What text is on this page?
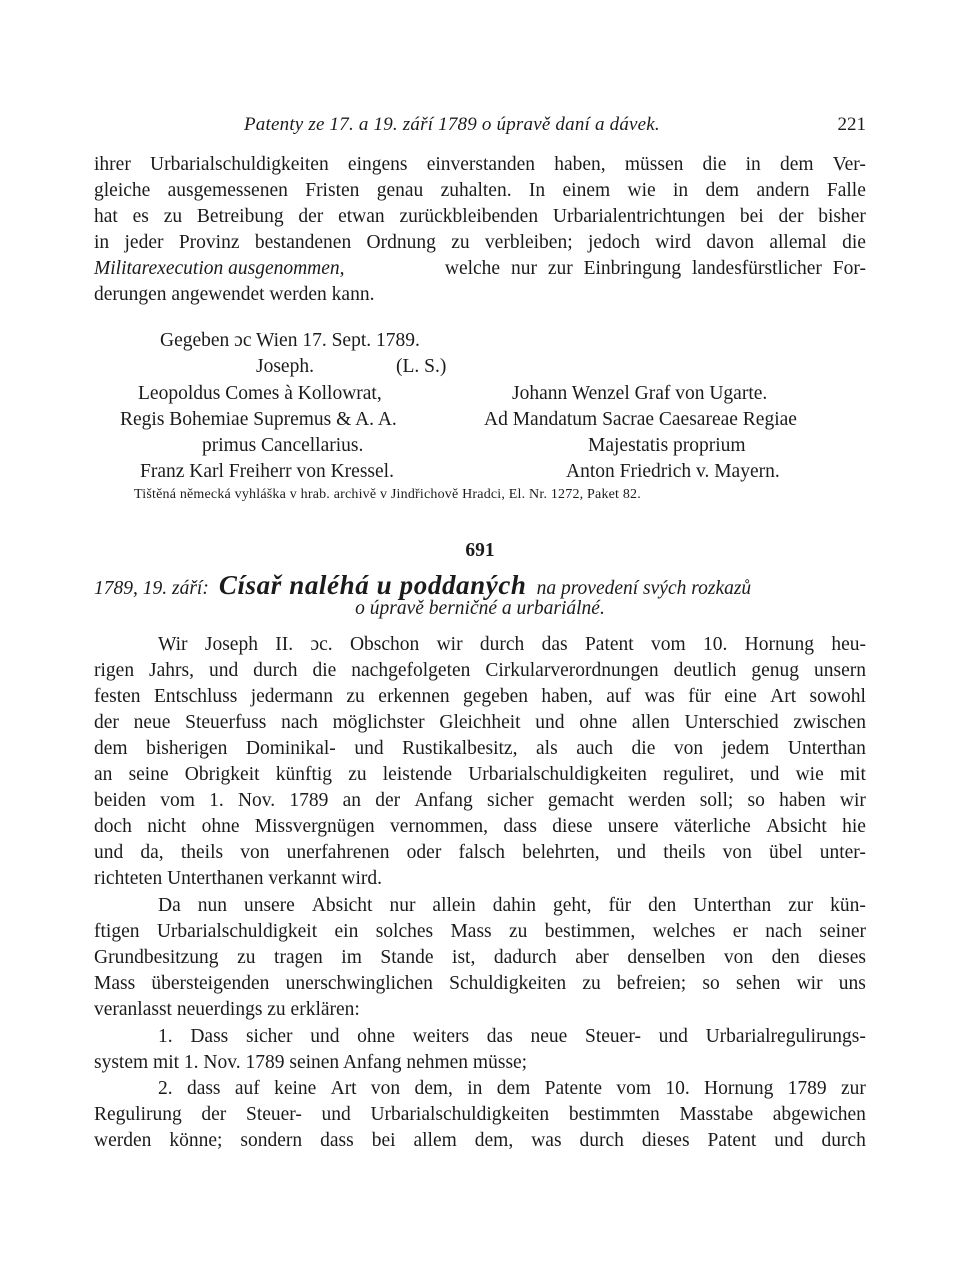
Patenty ze 17. a 19. září 1789 o úpravě daní a dávek.	221
ihrer Urbarialschuldigkeiten eingens einverstanden haben, müssen die in dem Ver-
gleiche ausgemessenen Fristen genau zuhalten. In einem wie in dem andern Falle
hat es zu Betreibung der etwan zurückbleibenden Urbarialentrichtungen bei der bisher
in jeder Provinz bestandenen Ordnung zu verbleiben; jedoch wird davon allemal die
Militarexecution ausgenommen,	welche nur zur Einbringung landesfürstlicher For-
derungen angewendet werden kann.
Gegeben ɔc Wien 17. Sept. 1789.
Joseph.	(L. S.)
Leopoldus Comes à Kollowrat,
Regis Bohemiae Supremus & A. A.
primus Cancellarius.
Franz Karl Freiherr von Kressel.
Johann Wenzel Graf von Ugarte.
Ad Mandatum Sacrae Caesareae Regiae
Majestatis proprium
Anton Friedrich v. Mayern.
Tištěná německá vyhláška v hrab. archivě v Jindřichově Hradci, El. Nr. 1272, Paket 82.
691
1789, 19. září: Císař naléhá u poddaných na provedení svých rozkazů
o úpravě berničné a urbariálné.
Wir Joseph II. ɔc. Obschon wir durch das Patent vom 10. Hornung heu-
rigen Jahrs, und durch die nachgefolgeten Cirkularverordnungen deutlich genug unsern
festen Entschluss jedermann zu erkennen gegeben haben, auf was für eine Art sowohl
der neue Steuerfuss nach möglichster Gleichheit und ohne allen Unterschied zwischen
dem bisherigen Dominikal- und Rustikalbesitz, als auch die von jedem Unterthan
an seine Obrigkeit künftig zu leistende Urbarialschuldigkeiten reguliret, und wie mit
beiden vom 1. Nov. 1789 an der Anfang sicher gemacht werden soll; so haben wir
doch nicht ohne Missvergnügen vernommen, dass diese unsere väterliche Absicht hie
und da, theils von unerfahrenen oder falsch belehrten, und theils von übel unter-
richteten Unterthanen verkannt wird.
Da nun unsere Absicht nur allein dahin geht, für den Unterthan zur kün-
ftigen Urbarialschuldigkeit ein solches Mass zu bestimmen, welches er nach seiner
Grundbesitzung zu tragen im Stande ist, dadurch aber denselben von den dieses
Mass übersteigenden unerschwinglichen Schuldigkeiten zu befreien; so sehen wir uns
veranlasst neuerdings zu erklären:
1. Dass sicher und ohne weiters das neue Steuer- und Urbarialregulirungs-
system mit 1. Nov. 1789 seinen Anfang nehmen müsse;
2. dass auf keine Art von dem, in dem Patente vom 10. Hornung 1789 zur
Regulirung der Steuer- und Urbarialschuldigkeiten bestimmten Masstabe abgewichen
werden könne; sondern dass bei allem dem, was durch dieses Patent und durch
